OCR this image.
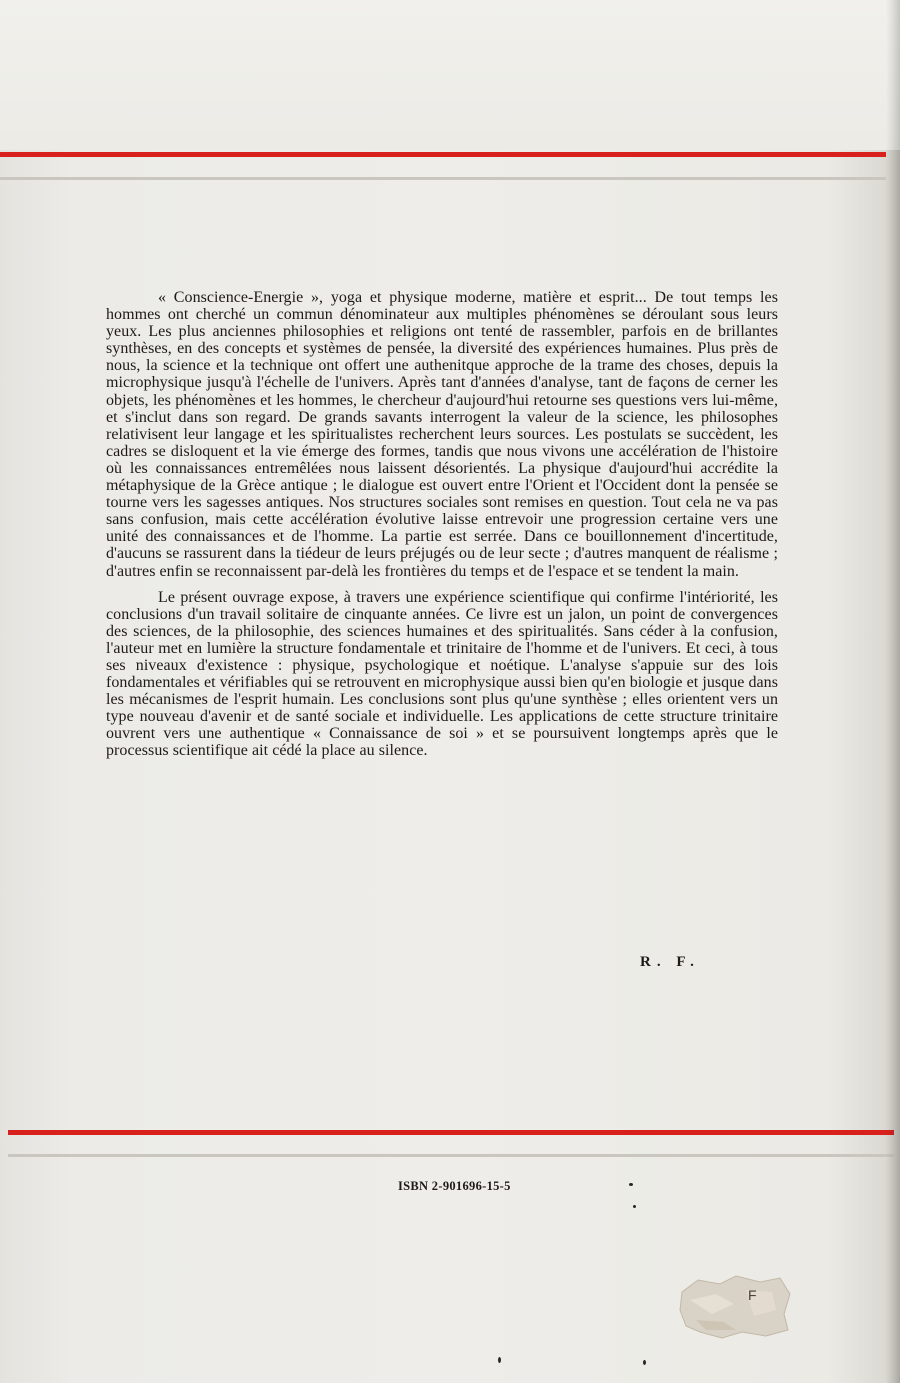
« Conscience-Energie », yoga et physique moderne, matière et esprit... De tout temps les hommes ont cherché un commun dénominateur aux multiples phénomènes se déroulant sous leurs yeux. Les plus anciennes philosophies et religions ont tenté de rassembler, parfois en de brillantes synthèses, en des concepts et systèmes de pensée, la diversité des expériences humaines. Plus près de nous, la science et la technique ont offert une authenitque approche de la trame des choses, depuis la microphysique jusqu'à l'échelle de l'univers. Après tant d'années d'analyse, tant de façons de cerner les objets, les phénomènes et les hommes, le chercheur d'aujourd'hui retourne ses questions vers lui-même, et s'inclut dans son regard. De grands savants interrogent la valeur de la science, les philosophes relativisent leur langage et les spiritualistes recherchent leurs sources. Les postulats se succèdent, les cadres se disloquent et la vie émerge des formes, tandis que nous vivons une accélération de l'histoire où les connaissances entremêlées nous laissent désorientés. La physique d'aujourd'hui accrédite la métaphysique de la Grèce antique ; le dialogue est ouvert entre l'Orient et l'Occident dont la pensée se tourne vers les sagesses antiques. Nos structures sociales sont remises en question. Tout cela ne va pas sans confusion, mais cette accélération évolutive laisse entrevoir une progression certaine vers une unité des connaissances et de l'homme. La partie est serrée. Dans ce bouillonnement d'incertitude, d'aucuns se rassurent dans la tiédeur de leurs préjugés ou de leur secte ; d'autres manquent de réalisme ; d'autres enfin se reconnaissent par-delà les frontières du temps et de l'espace et se tendent la main.

Le présent ouvrage expose, à travers une expérience scientifique qui confirme l'intériorité, les conclusions d'un travail solitaire de cinquante années. Ce livre est un jalon, un point de convergences des sciences, de la philosophie, des sciences humaines et des spiritualités. Sans céder à la confusion, l'auteur met en lumière la structure fondamentale et trinitaire de l'homme et de l'univers. Et ceci, à tous ses niveaux d'existence : physique, psychologique et noétique. L'analyse s'appuie sur des lois fondamentales et vérifiables qui se retrouvent en microphysique aussi bien qu'en biologie et jusque dans les mécanismes de l'esprit humain. Les conclusions sont plus qu'une synthèse ; elles orientent vers un type nouveau d'avenir et de santé sociale et individuelle. Les applications de cette structure trinitaire ouvrent vers une authentique « Connaissance de soi » et se poursuivent longtemps après que le processus scientifique ait cédé la place au silence.

R. F.
ISBN 2-901696-15-5
F
